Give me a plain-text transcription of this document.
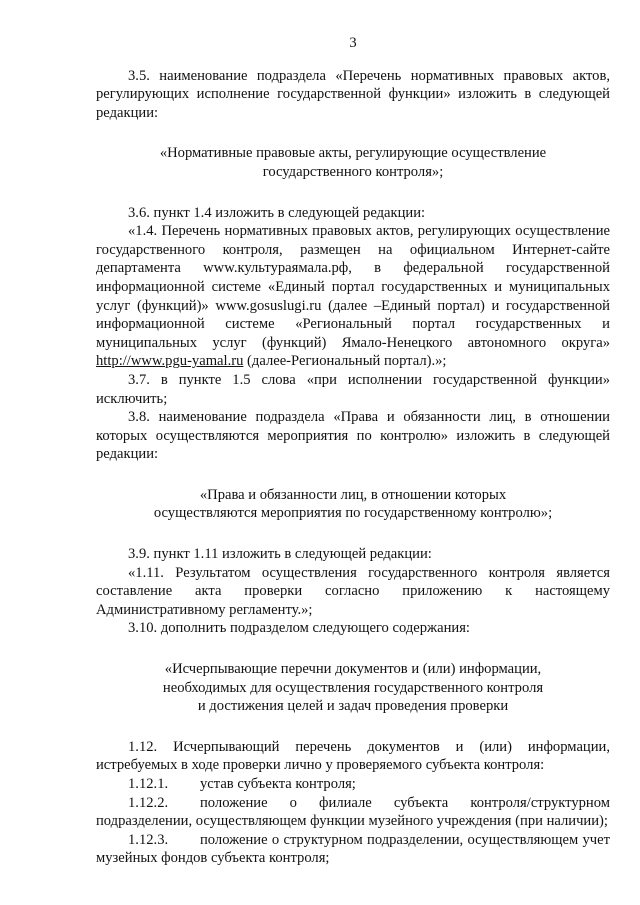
3

3.5. наименование подраздела «Перечень нормативных правовых актов, регулирующих исполнение государственной функции» изложить в следующей редакции:

«Нормативные правовые акты, регулирующие осуществление

государственного контроля»;

3.6. пункт 1.4 изложить в следующей редакции:

«1.4. Перечень нормативных правовых актов, регулирующих осуществление государственного контроля, размещен на официальном Интернет-сайте департамента www.культураямала.рф, в федеральной государственной информационной системе «Единый портал государственных и муниципальных услуг (функций)» www.gosuslugi.ru (далее –Единый портал) и государственной информационной системе «Региональный портал государственных и муниципальных услуг (функций) Ямало-Ненецкого автономного округа» http://www.pgu-yamal.ru (далее-Региональный портал).»;

3.7. в пункте 1.5 слова «при исполнении государственной функции» исключить;

3.8. наименование подраздела «Права и обязанности лиц, в отношении которых осуществляются мероприятия по контролю» изложить в следующей редакции:

«Права и обязанности лиц, в отношении которых

осуществляются мероприятия по государственному контролю»;

3.9. пункт 1.11 изложить в следующей редакции:

«1.11. Результатом осуществления государственного контроля является составление акта проверки согласно приложению к настоящему Административному регламенту.»;

3.10. дополнить подразделом следующего содержания:

«Исчерпывающие перечни документов и (или) информации,

необходимых для осуществления государственного контроля

и достижения целей и задач проведения проверки

1.12. Исчерпывающий перечень документов и (или) информации, истребуемых в ходе проверки лично у проверяемого субъекта контроля:

1.12.1. устав субъекта контроля;

1.12.2. положение о филиале субъекта контроля/структурном подразделении, осуществляющем функции музейного учреждения (при наличии);

1.12.3. положение о структурном подразделении, осуществляющем учет музейных фондов субъекта контроля;
